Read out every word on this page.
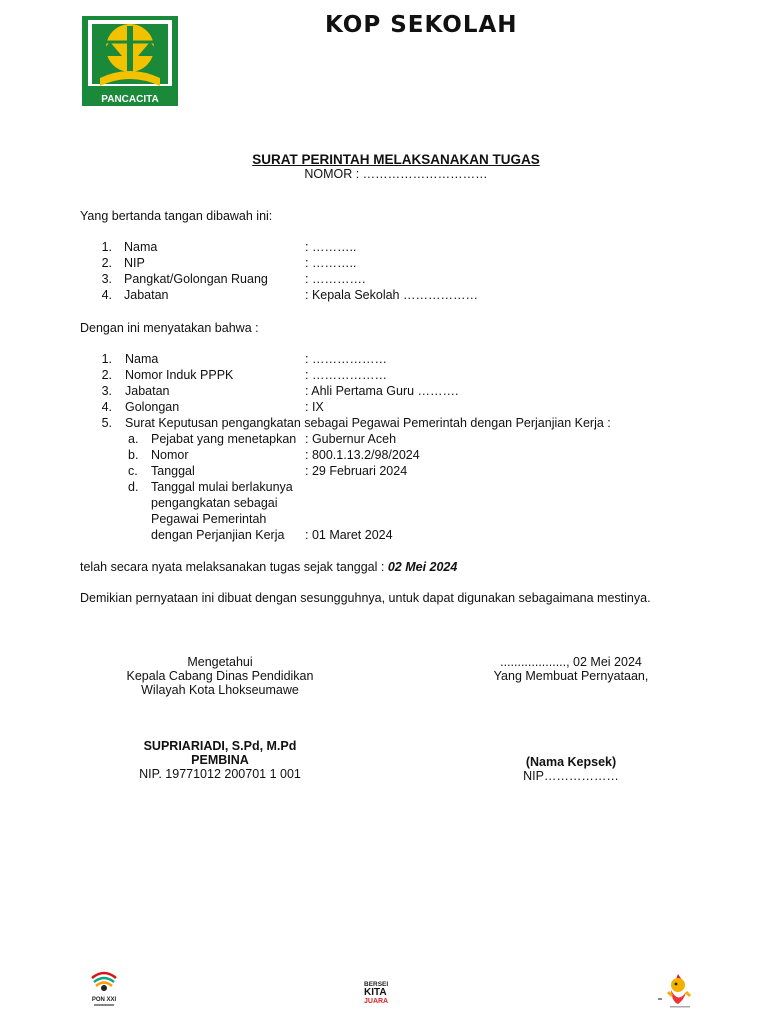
PANCACITA
KOP SEKOLAH
SURAT PERINTAH MELAKSANAKAN TUGAS
NOMOR : …………………………
Yang bertanda tangan dibawah ini:
1. Nama	: ………..
2. NIP	: ………..
3. Pangkat/Golongan Ruang	: ………….
4. Jabatan	: Kepala Sekolah ………………
Dengan ini menyatakan bahwa :
1. Nama	: ………………
2. Nomor Induk PPPK	: ………………
3. Jabatan	: Ahli Pertama Guru ……….
4. Golongan	: IX
5. Surat Keputusan pengangkatan sebagai Pegawai Pemerintah dengan Perjanjian Kerja :
a. Pejabat yang menetapkan : Gubernur Aceh
b. Nomor	: 800.1.13.2/98/2024
c. Tanggal	: 29 Februari 2024
d. Tanggal mulai berlakunya
pengangkatan sebagai
Pegawai Pemerintah
dengan Perjanjian Kerja : 01 Maret 2024
telah secara nyata melaksanakan tugas sejak tanggal : 02 Mei 2024
Demikian pernyataan ini dibuat dengan sesungguhnya, untuk dapat digunakan sebagaimana mestinya.
Mengetahui
Kepala Cabang Dinas Pendidikan
Wilayah Kota Lhokseumawe
SUPRIARIADI, S.Pd, M.Pd
PEMBINA
NIP. 19771012 200701 1 001
..................., 02 Mei 2024
Yang Membuat Pernyataan,
(Nama Kepsek)
NIP………………
PON XXI
BERSEI
KITA
JUARA
